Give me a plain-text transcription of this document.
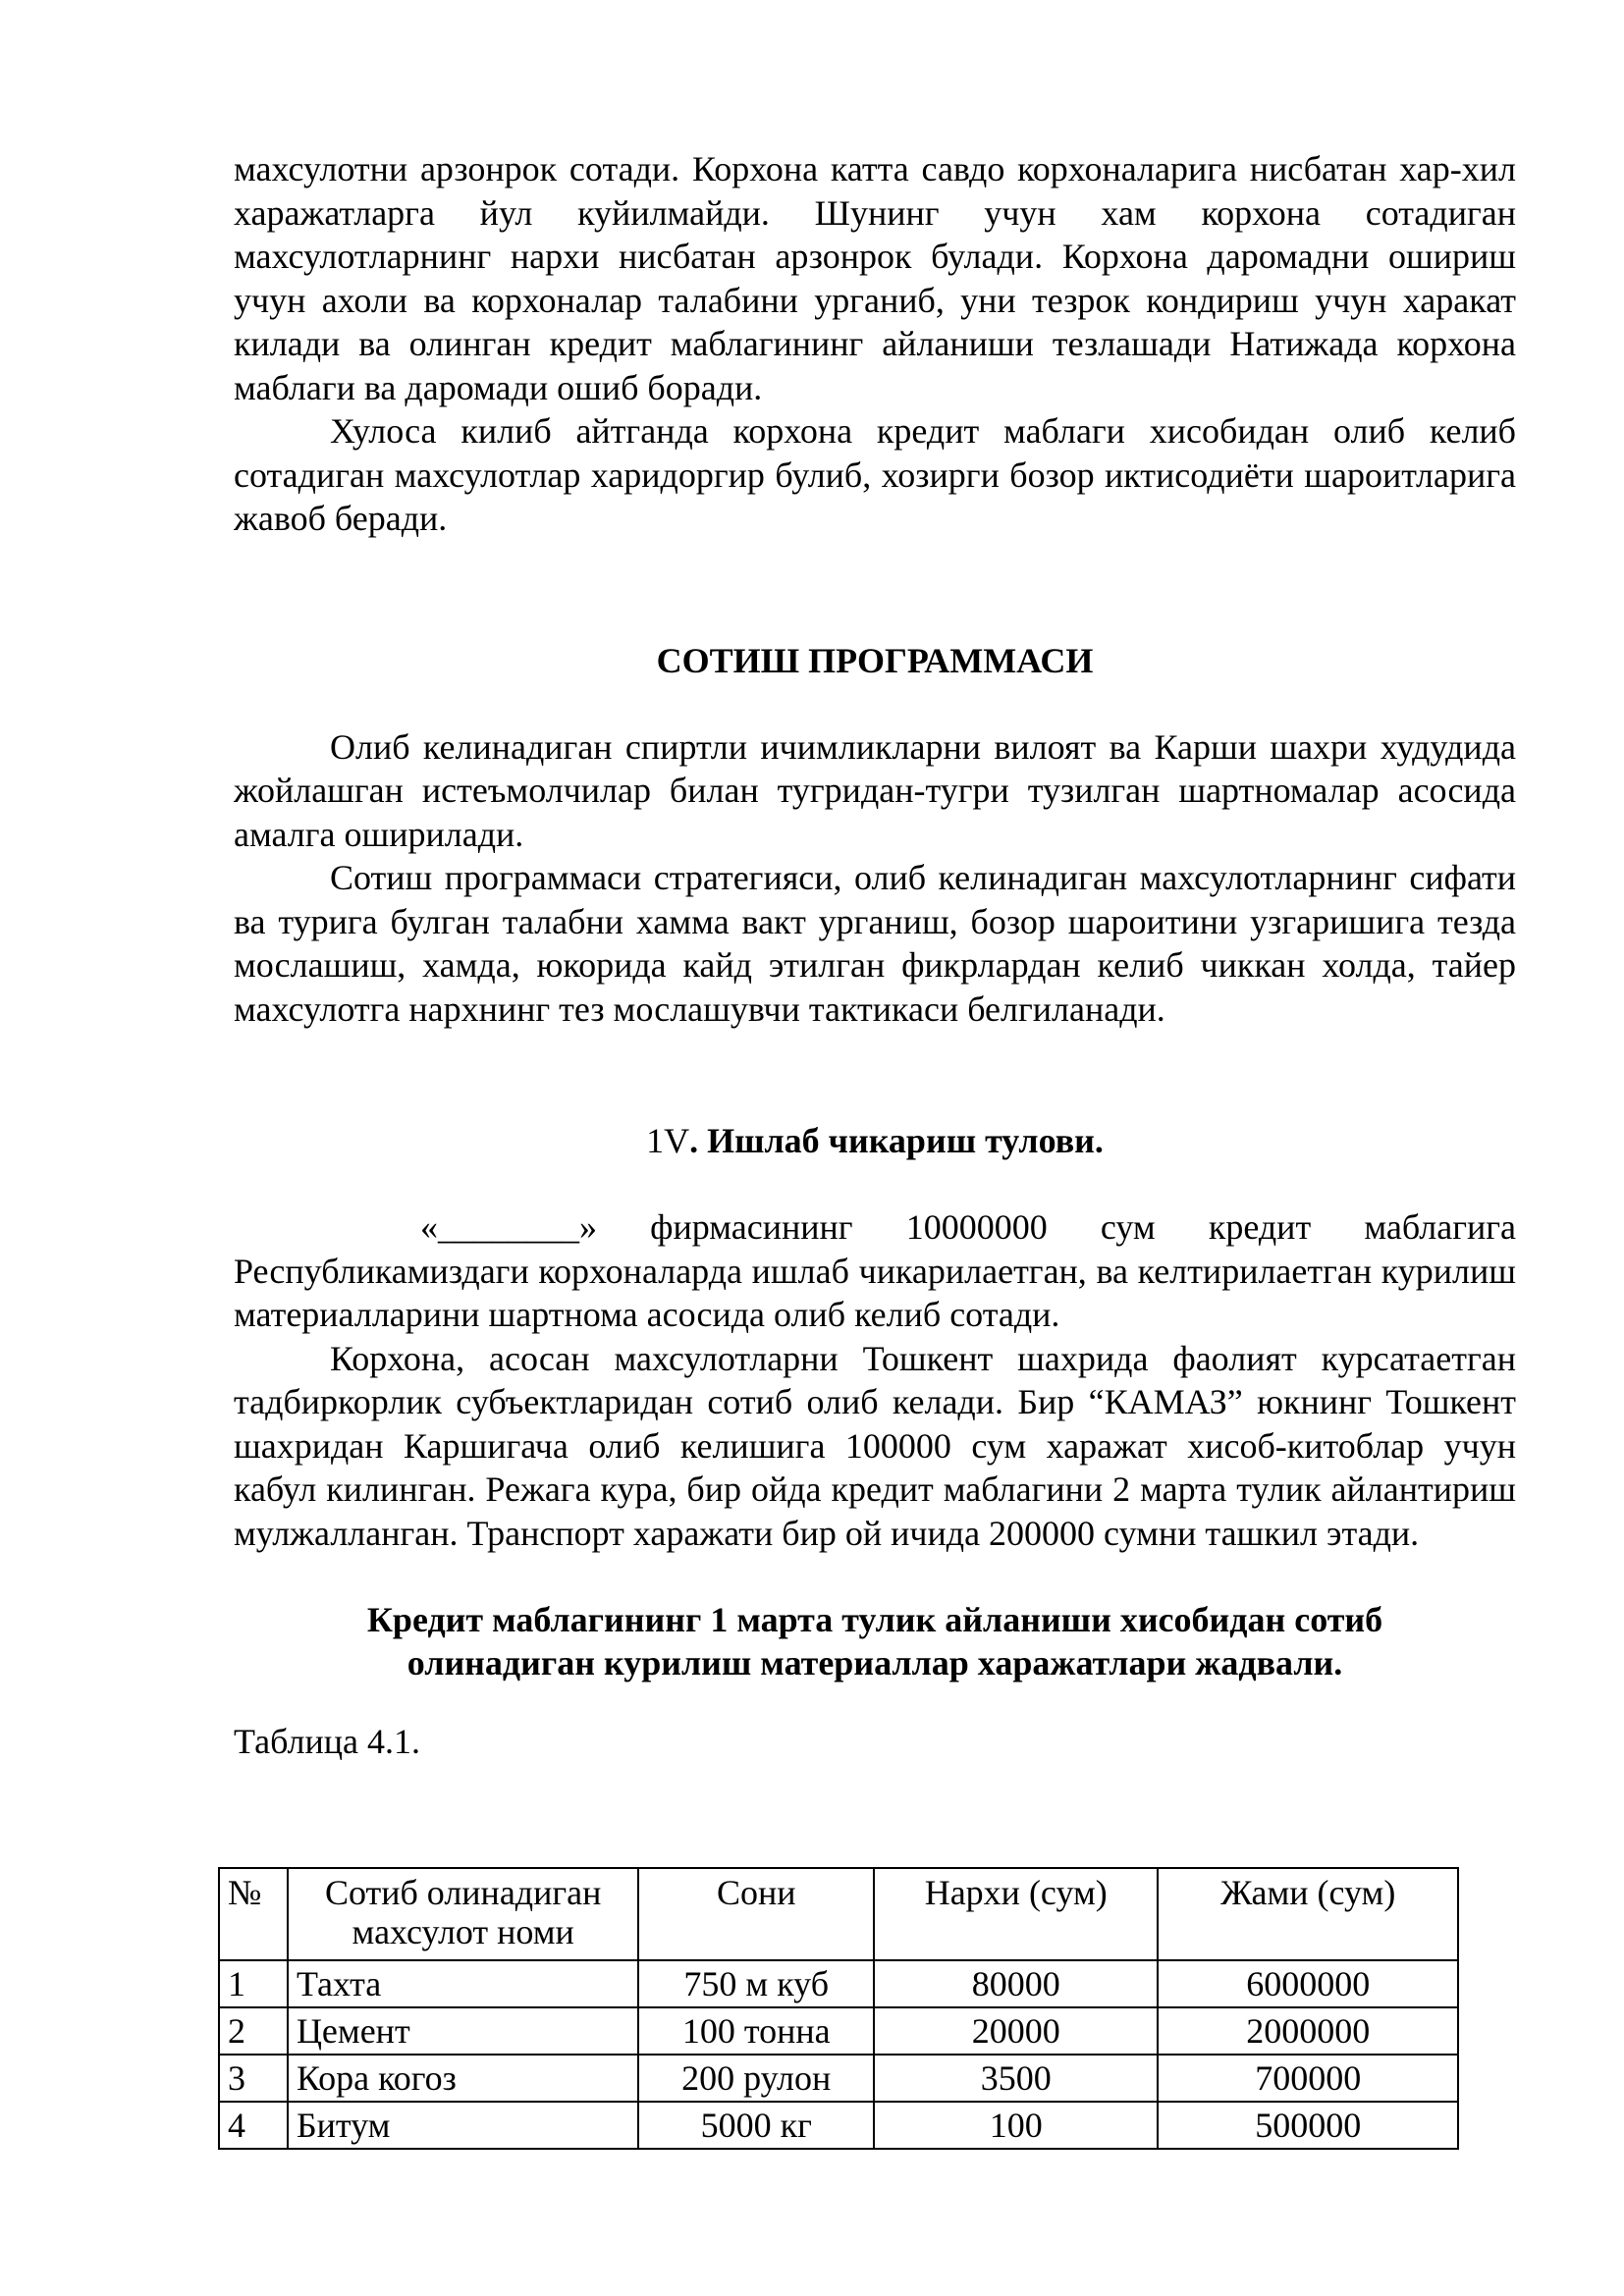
махсулотни арзонрок сотади. Корхона катта савдо корхоналарига нисбатан хар-хил харажатларга йул куйилмайди. Шунинг учун хам корхона сотадиган махсулотларнинг нархи нисбатан арзонрок булади. Корхона даромадни ошириш учун ахоли ва корхоналар талабини урганиб, уни тезрок кондириш учун харакат килади ва олинган кредит маблагининг айланиши тезлашади Натижада корхона маблаги ва даромади ошиб боради.

Хулоса килиб айтганда корхона кредит маблаги хисобидан олиб келиб сотадиган махсулотлар харидоргир булиб, хозирги бозор иктисодиёти шароитларига жавоб беради.

СОТИШ ПРОГРАММАСИ

Олиб келинадиган спиртли ичимликларни вилоят ва Карши шахри худудида жойлашган истеъмолчилар билан тугридан-тугри тузилган шартномалар асосида амалга оширилади.

Сотиш программаси стратегияси, олиб келинадиган махсулотларнинг сифати ва турига булган талабни хамма вакт урганиш, бозор шароитини узгаришига тезда мослашиш, хамда, юкорида кайд этилган фикрлардан келиб чиккан холда, тайер махсулотга нархнинг тез мослашувчи тактикаси белгиланади.

1V. Ишлаб чикариш тулови.

«________» фирмасининг 10000000 сум кредит маблагига Республикамиздаги корхоналарда ишлаб чикарилаетган, ва келтирилаетган курилиш материалларини шартнома асосида олиб келиб сотади.

Корхона, асосан махсулотларни Тошкент шахрида фаолият курсатаетган тадбиркорлик субъектларидан сотиб олиб келади. Бир “КАМАЗ” юкнинг Тошкент шахридан Каршигача олиб келишига 100000 сум харажат хисоб-китоблар учун кабул килинган. Режага кура, бир ойда кредит маблагини 2 марта тулик айлантириш мулжалланган. Транспорт харажати бир ой ичида 200000 сумни ташкил этади.

Кредит маблагининг 1 марта тулик айланиши хисобидан сотиб
олинадиган курилиш материаллар харажатлари жадвали.

Таблица 4.1.

№	Сотиб олинадиган махсулот номи	Сони	Нархи (сум)	Жами (сум)
1	Тахта	750 м куб	80000	6000000
2	Цемент	100 тонна	20000	2000000
3	Кора когоз	200 рулон	3500	700000
4	Битум	5000 кг	100	500000
